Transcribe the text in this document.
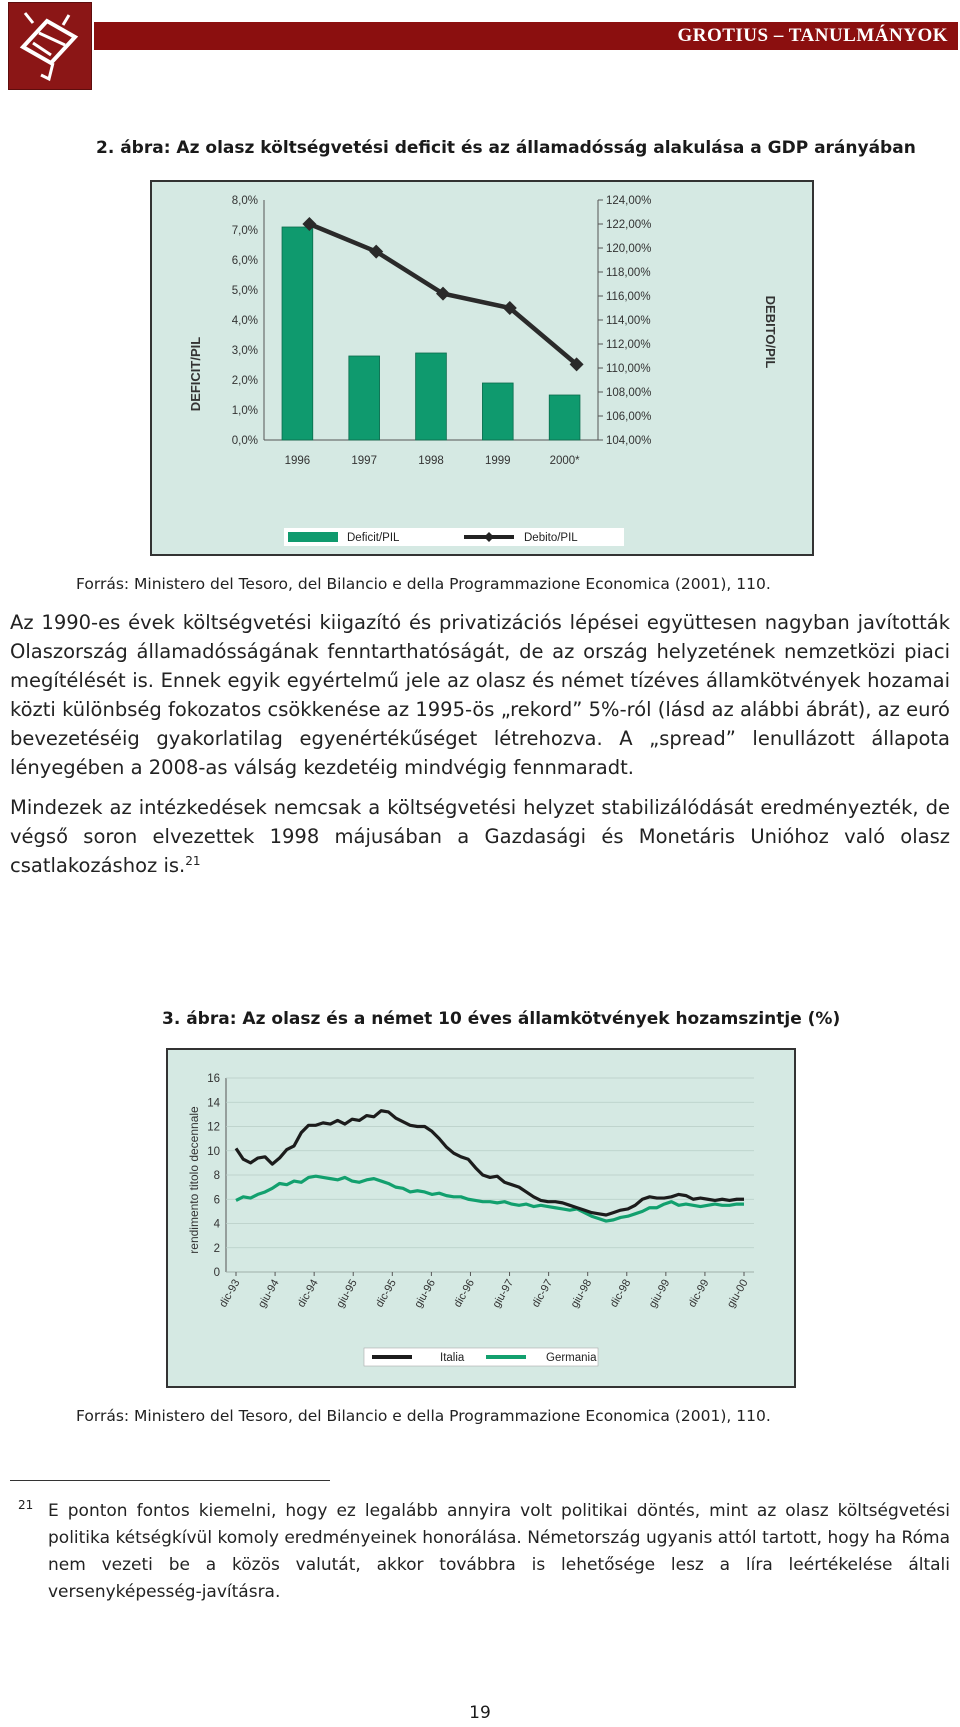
GROTIUS – TANULMÁNYOK
2. ábra: Az olasz költségvetési deficit és az államadósság alakulása a GDP arányában
0,0%
1,0%
2,0%
3,0%
4,0%
5,0%
6,0%
7,0%
8,0%
104,00%
106,00%
108,00%
110,00%
112,00%
114,00%
116,00%
118,00%
120,00%
122,00%
124,00%
1996	1997	1998	1999	2000*
DEFICIT/PIL
DEBITO/PIL
Deficit/PIL	Debito/PIL
Forrás: Ministero del Tesoro, del Bilancio e della Programmazione Economica (2001), 110.

Az 1990-es évek költségvetési kiigazító és privatizációs lépései együttesen nagyban javították Olaszország államadósságának fenntarthatóságát, de az ország helyzetének nemzetközi piaci megítélését is. Ennek egyik egyértelmű jele az olasz és német tízéves államkötvények hozamai közti különbség fokozatos csökkenése az 1995-ös „rekord” 5%-ról (lásd az alábbi ábrát), az euró bevezetéséig gyakorlatilag egyenértékűséget létrehozva. A „spread” lenullázott állapota lényegében a 2008-as válság kezdetéig mindvégig fennmaradt.

Mindezek az intézkedések nemcsak a költségvetési helyzet stabilizálódását eredményezték, de végső soron elvezettek 1998 májusában a Gazdasági és Monetáris Unióhoz való olasz csatlakozáshoz is.$^{21}$

3. ábra: Az olasz és a német 10 éves államkötvények hozamszintje (%)
0
2
4
6
8
10
12
14
16
dic-93 giu-94 dic-94 giu-95 dic-95 giu-96 dic-96 giu-97 dic-97 giu-98 dic-98 giu-99 dic-99 giu-00
rendimento titolo decennale
Italia	Germania
Forrás: Ministero del Tesoro, del Bilancio e della Programmazione Economica (2001), 110.
21 E ponton fontos kiemelni, hogy ez legalább annyira volt politikai döntés, mint az olasz költségvetési politika kétségkívül komoly eredményeinek honorálása. Németország ugyanis attól tartott, hogy ha Róma nem vezeti be a közös valutát, akkor továbbra is lehetősége lesz a líra leértékelése általi versenyképesség-javításra.
19
